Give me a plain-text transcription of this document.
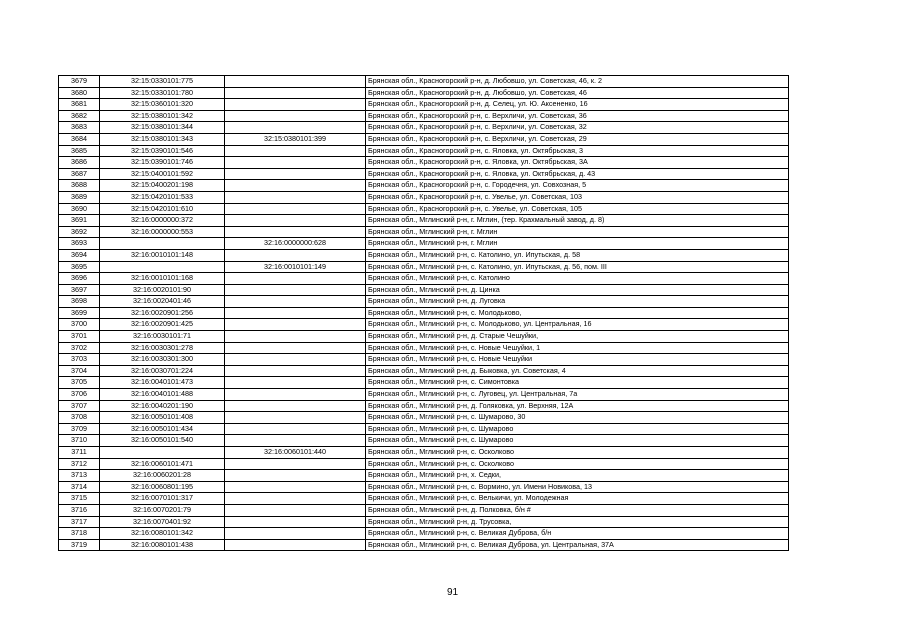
3679	32:15:0330101:775		Брянская обл., Красногорский р-н, д. Любовшо, ул. Советская, 46, к. 2
3680	32:15:0330101:780		Брянская обл., Красногорский р-н, д. Любовшо, ул. Советская, 46
3681	32:15:0360101:320		Брянская обл., Красногорский р-н, д. Селец, ул. Ю. Аксененко, 16
3682	32:15:0380101:342		Брянская обл., Красногорский р-н, с. Верхличи, ул. Советская, 36
3683	32:15:0380101:344		Брянская обл., Красногорский р-н, с. Верхличи, ул. Советская, 32
3684	32:15:0380101:343	32:15:0380101:399	Брянская обл., Красногорский р-н, с. Верхличи, ул. Советская, 29
3685	32:15:0390101:546		Брянская обл., Красногорский р-н, с. Яловка, ул. Октябрьская, 3
3686	32:15:0390101:746		Брянская обл., Красногорский р-н, с. Яловка, ул. Октябрьская, 3А
3687	32:15:0400101:592		Брянская обл., Красногорский р-н, с. Яловка, ул. Октябрьская, д. 43
3688	32:15:0400201:198		Брянская обл., Красногорский р-н, с. Городечня, ул. Совхозная, 5
3689	32:15:0420101:533		Брянская обл., Красногорский р-н, с. Увелье, ул. Советская, 103
3690	32:15:0420101:610		Брянская обл., Красногорский р-н, с. Увелье, ул. Советская, 105
3691	32:16:0000000:372		Брянская обл., Мглинский р-н, г. Мглин, (тер. Крахмальный завод, д. 8)
3692	32:16:0000000:553		Брянская обл., Мглинский р-н, г. Мглин
3693		32:16:0000000:628	Брянская обл., Мглинский р-н, г. Мглин
3694	32:16:0010101:148		Брянская обл., Мглинский р-н, с. Католино, ул. Ипутьская, д. 58
3695		32:16:0010101:149	Брянская обл., Мглинский р-н, с. Католино, ул. Ипутьская, д. 56, пом. III
3696	32:16:0010101:168		Брянская обл., Мглинский р-н, с. Католино
3697	32:16:0020101:90		Брянская обл., Мглинский р-н, д. Цинка
3698	32:16:0020401:46		Брянская обл., Мглинский р-н, д. Луговка
3699	32:16:0020901:256		Брянская обл., Мглинский р-н, с. Молодьково,
3700	32:16:0020901:425		Брянская обл., Мглинский р-н, с. Молодьково, ул. Центральная, 16
3701	32:16:0030101:71		Брянская обл., Мглинский р-н, д. Старые Чешуйки,
3702	32:16:0030301:278		Брянская обл., Мглинский р-н, с. Новые Чешуйки, 1
3703	32:16:0030301:300		Брянская обл., Мглинский р-н, с. Новые Чешуйки
3704	32:16:0030701:224		Брянская обл., Мглинский р-н, д. Быковка, ул. Советская, 4
3705	32:16:0040101:473		Брянская обл., Мглинский р-н, с. Симонтовка
3706	32:16:0040101:488		Брянская обл., Мглинский р-н, с. Луговец, ул. Центральная, 7а
3707	32:16:0040201:190		Брянская обл., Мглинский р-н, д. Голяковка, ул. Верхняя, 12А
3708	32:16:0050101:408		Брянская обл., Мглинский р-н, с. Шумарово, 30
3709	32:16:0050101:434		Брянская обл., Мглинский р-н, с. Шумарово
3710	32:16:0050101:540		Брянская обл., Мглинский р-н, с. Шумарово
3711		32:16:0060101:440	Брянская обл., Мглинский р-н, с. Осколково
3712	32:16:0060101:471		Брянская обл., Мглинский р-н, с. Осколково
3713	32:16:0060201:28		Брянская обл., Мглинский р-н, х. Седки,
3714	32:16:0060801:195		Брянская обл., Мглинский р-н, с. Вормино, ул. Имени Новикова, 13
3715	32:16:0070101:317		Брянская обл., Мглинский р-н, с. Велькичи, ул. Молодежная
3716	32:16:0070201:79		Брянская обл., Мглинский р-н, д. Полковка, б/н #
3717	32:16:0070401:92		Брянская обл., Мглинский р-н, д. Трусовка,
3718	32:16:0080101:342		Брянская обл., Мглинский р-н, с. Великая Дуброва, б/н
3719	32:16:0080101:438		Брянская обл., Мглинский р-н, с. Великая Дуброва, ул. Центральная, 37А
91
